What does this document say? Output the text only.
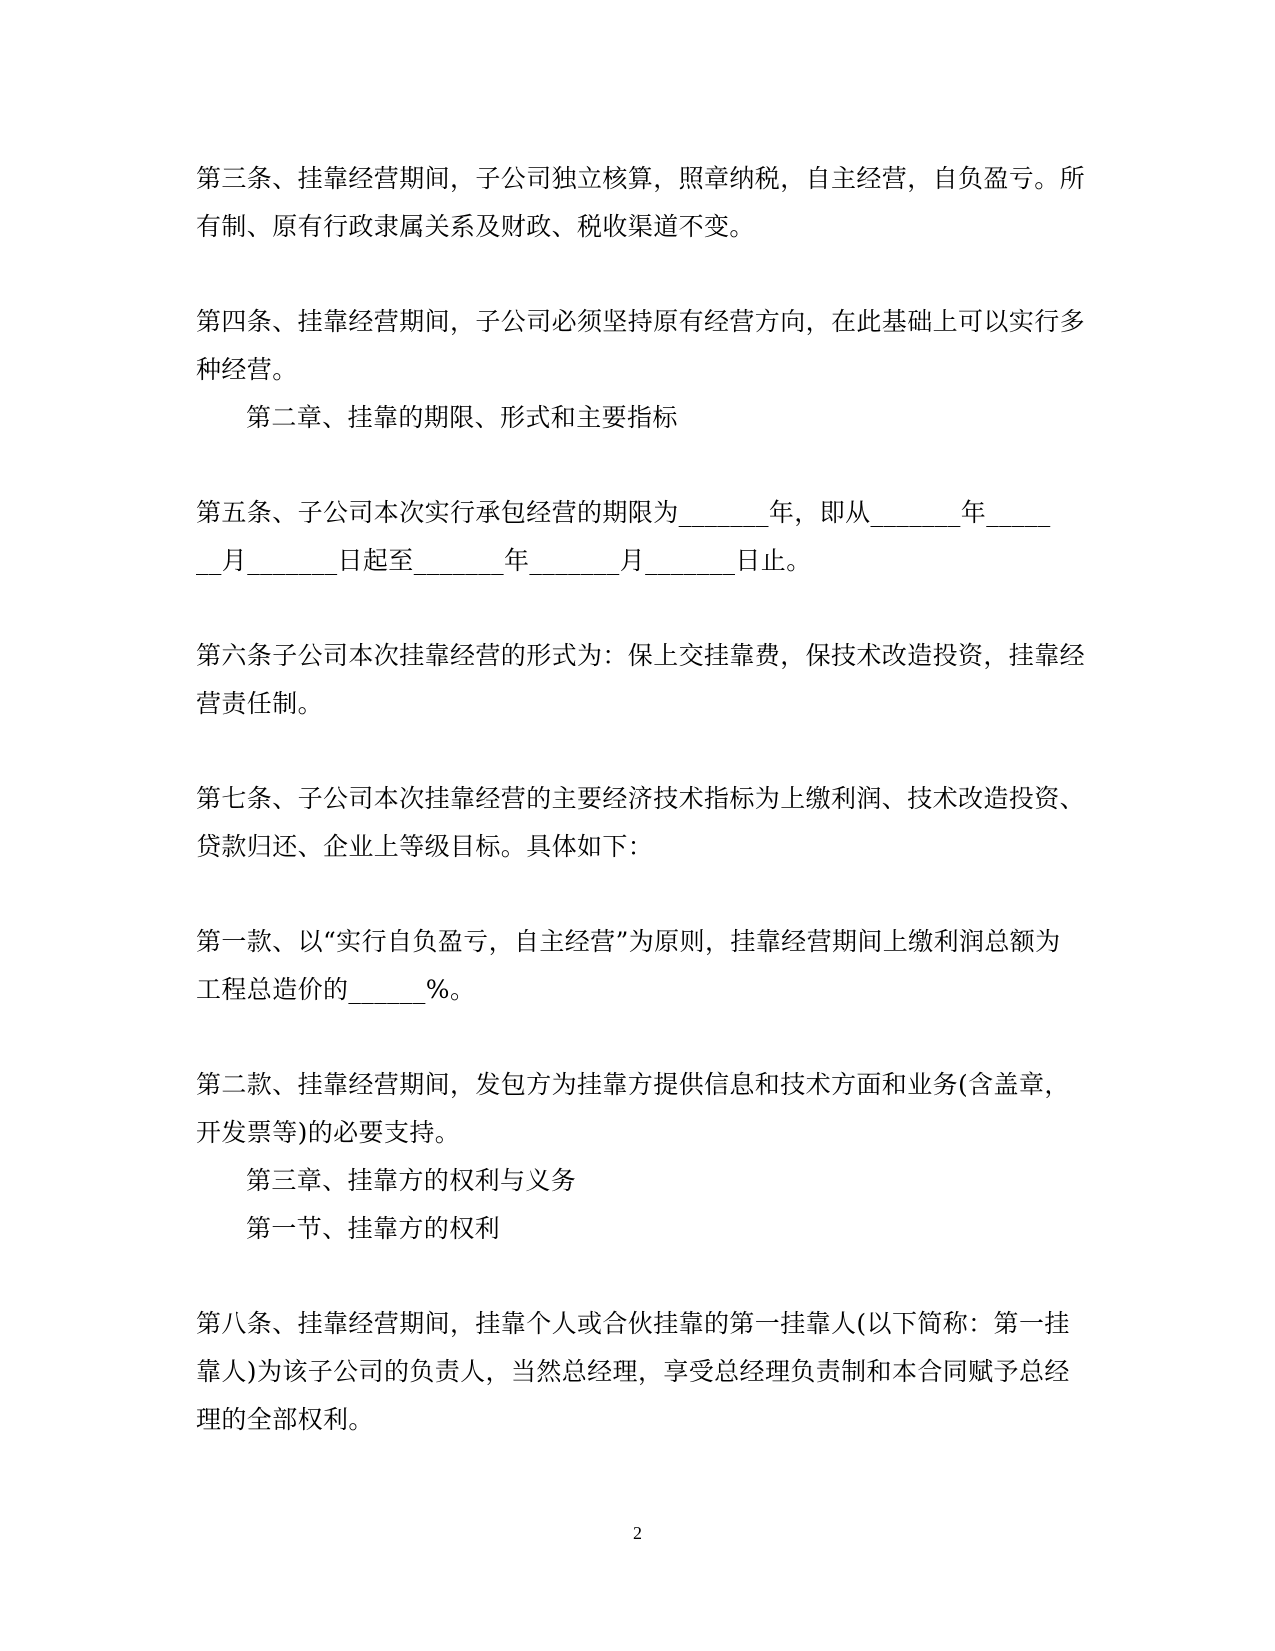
第三条、挂靠经营期间，子公司独立核算，照章纳税，自主经营，自负盈亏。所
有制、原有行政隶属关系及财政、税收渠道不变。
第四条、挂靠经营期间，子公司必须坚持原有经营方向，在此基础上可以实行多
种经营。
第二章、挂靠的期限、形式和主要指标
第五条、子公司本次实行承包经营的期限为_______年，即从_______年_____
__月_______日起至_______年_______月_______日止。
第六条子公司本次挂靠经营的形式为：保上交挂靠费，保技术改造投资，挂靠经
营责任制。
第七条、子公司本次挂靠经营的主要经济技术指标为上缴利润、技术改造投资、
贷款归还、企业上等级目标。具体如下：
第一款、以“实行自负盈亏，自主经营”为原则，挂靠经营期间上缴利润总额为
工程总造价的______%。
第二款、挂靠经营期间，发包方为挂靠方提供信息和技术方面和业务(含盖章，
开发票等)的必要支持。
第三章、挂靠方的权利与义务
第一节、挂靠方的权利
第八条、挂靠经营期间，挂靠个人或合伙挂靠的第一挂靠人(以下简称：第一挂
靠人)为该子公司的负责人，当然总经理，享受总经理负责制和本合同赋予总经
理的全部权利。
2
